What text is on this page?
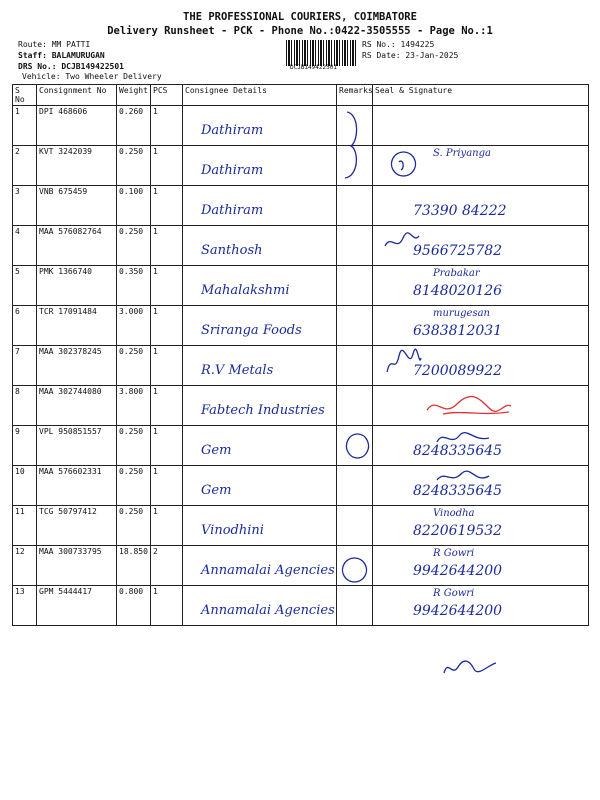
THE PROFESSIONAL COURIERS, COIMBATORE
Delivery Runsheet - PCK - Phone No.:0422-3505555 - Page No.:1
Route: MM PATTI
Staff: BALAMURUGAN
DRS No.: DCJB149422501
Vehicle: Two Wheeler Delivery
DCJB149422501
RS No.: 1494225
RS Date: 23-Jan-2025
S No	Consignment No	Weight	PCS	Consignee Details	Remarks	Seal & Signature
1	DPI 468606	0.260	1	Dathiram

2	KVT 3242039	0.250	1	Dathiram		S. Priyanga

3	VNB 675459	0.100	1	Dathiram		73390 84222

4	MAA 576082764	0.250	1	Santhosh		9566725782

5	PMK 1366740	0.350	1	Mahalakshmi		Prabakar
8148020126

6	TCR 17091484	3.000	1	Sriranga Foods		murugesan
6383812031

7	MAA 302378245	0.250	1	R.V Metals		7200089922

8	MAA 302744080	3.800	1	Fabtech Industries

9	VPL 950851557	0.250	1	Gem		8248335645

10	MAA 576602331	0.250	1	Gem		8248335645

11	TCG 50797412	0.250	1	Vinodhini		Vinodha
8220619532

12	MAA 300733795	18.850	2	Annamalai Agencies		R Gowri
9942644200

13	GPM 5444417	0.800	1	Annamalai Agencies		R Gowri
9942644200
